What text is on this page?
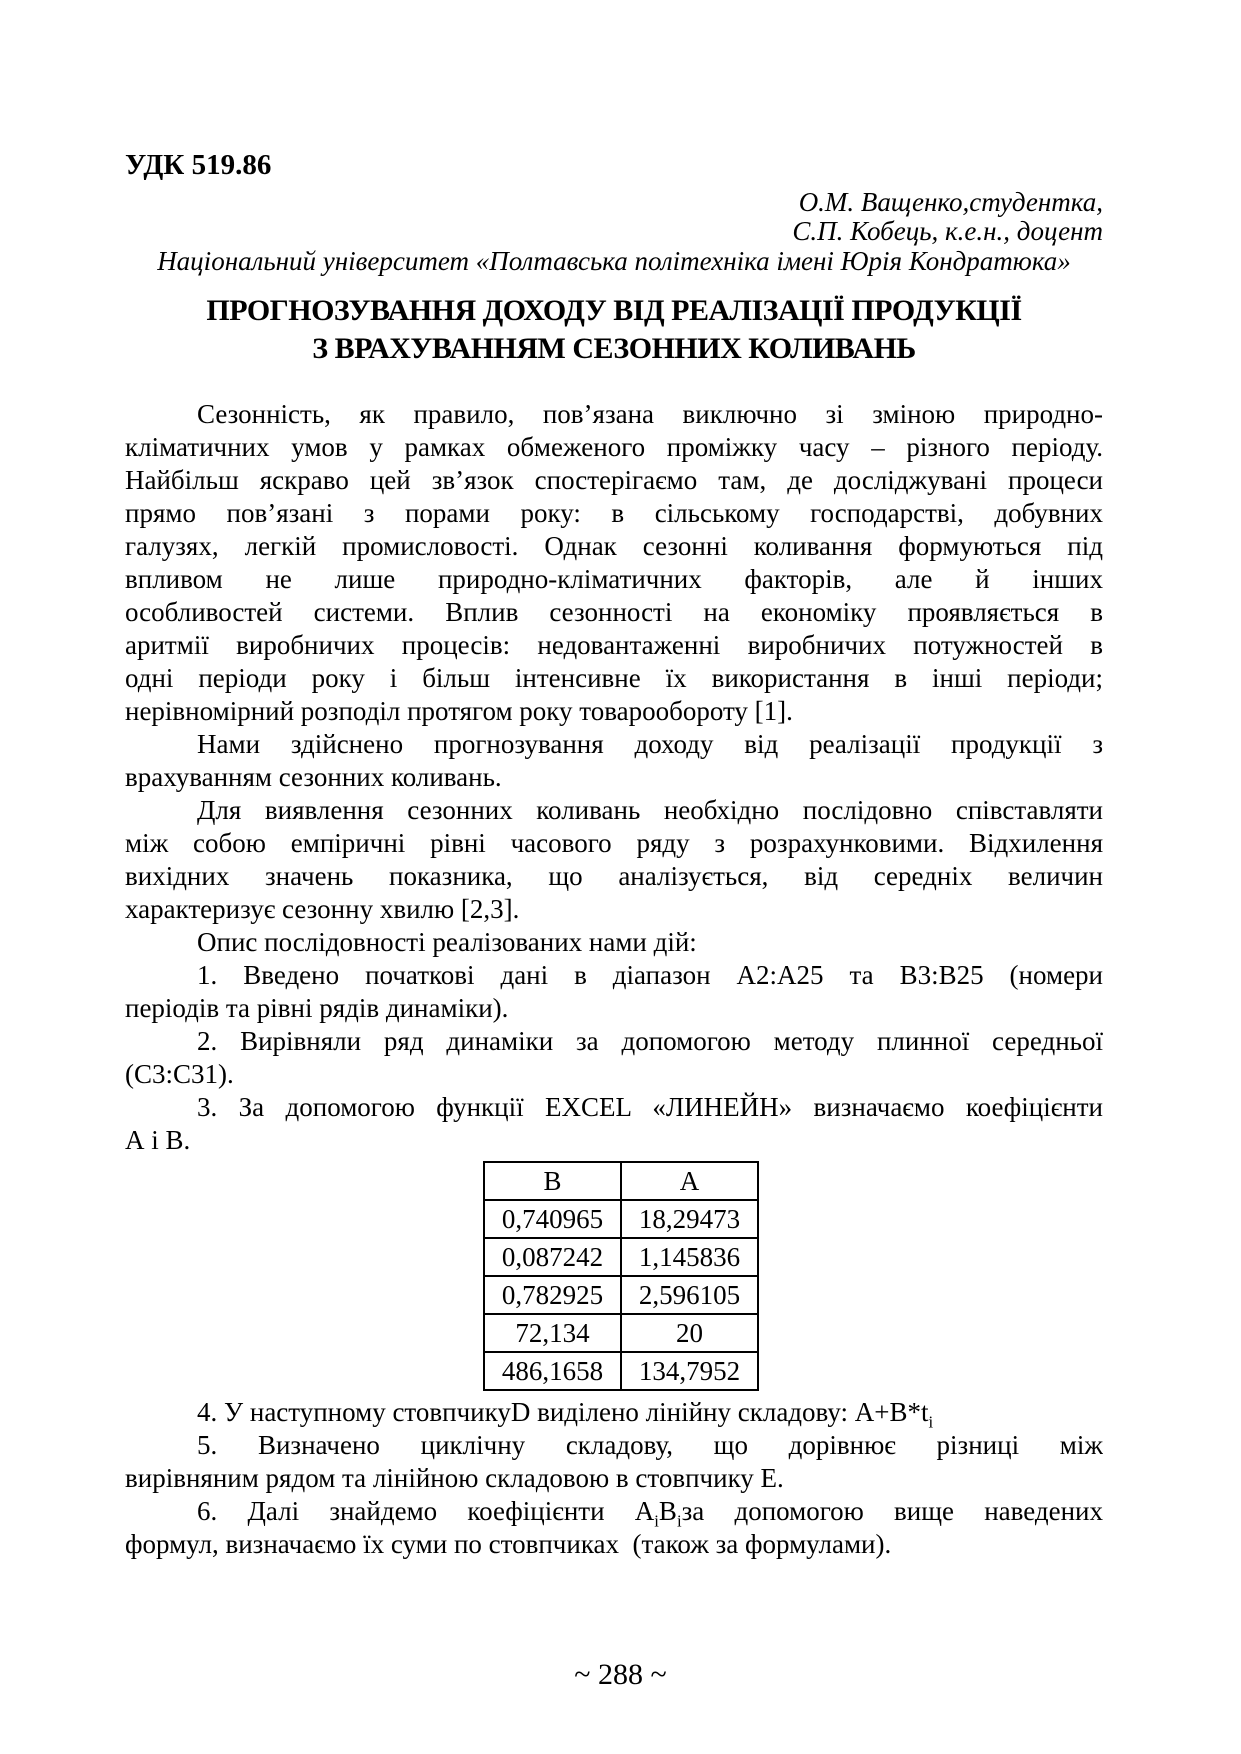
УДК 519.86
О.М. Ващенко,студентка,
С.П. Кобець, к.е.н., доцент
Національний університет «Полтавська політехніка імені Юрія Кондратюка»
ПРОГНОЗУВАННЯ ДОХОДУ ВІД РЕАЛІЗАЦІЇ ПРОДУКЦІЇ
З ВРАХУВАННЯМ СЕЗОННИХ КОЛИВАНЬ
Сезонність, як правило, пов’язана виключно зі зміною природно-
кліматичних умов у рамках обмеженого проміжку часу – різного періоду.
Найбільш яскраво цей зв’язок спостерігаємо там, де досліджувані процеси
прямо пов’язані з порами року: в сільському господарстві, добувних
галузях, легкій промисловості. Однак сезонні коливання формуються під
впливом не лише природно-кліматичних факторів, але й інших
особливостей системи. Вплив сезонності на економіку проявляється в
аритмії виробничих процесів: недовантаженні виробничих потужностей в
одні періоди року і більш інтенсивне їх використання в інші періоди;
нерівномірний розподіл протягом року товарообороту [1].
Нами здійснено прогнозування доходу від реалізації продукції з
врахуванням сезонних коливань.
Для виявлення сезонних коливань необхідно послідовно співставляти
між собою емпіричні рівні часового ряду з розрахунковими. Відхилення
вихідних значень показника, що аналізується, від середніх величин
характеризує сезонну хвилю [2,3].
Опис послідовності реалізованих нами дій:
1. Введено початкові дані в діапазон A2:A25 та B3:B25 (номери
періодів та рівні рядів динаміки).
2. Вирівняли ряд динаміки за допомогою методу плинної середньої
(C3:C31).
3. За допомогою функції EXCEL «ЛИНЕЙН» визначаємо коефіцієнти
А і В.
В	А
0,740965	18,29473
0,087242	1,145836
0,782925	2,596105
72,134	20
486,1658	134,7952
4. У наступному стовпчикуD виділено лінійну складову: $A+B*t_i$
5. Визначено циклічну складову, що дорівнює різниці між
вирівняним рядом та лінійною складовою в стовпчику Е.
6. Далі знайдемо коефіцієнти $А_іВ_іза$ допомогою вище наведених
формул, визначаємо їх суми по стовпчиках  (також за формулами).
~ 288 ~
